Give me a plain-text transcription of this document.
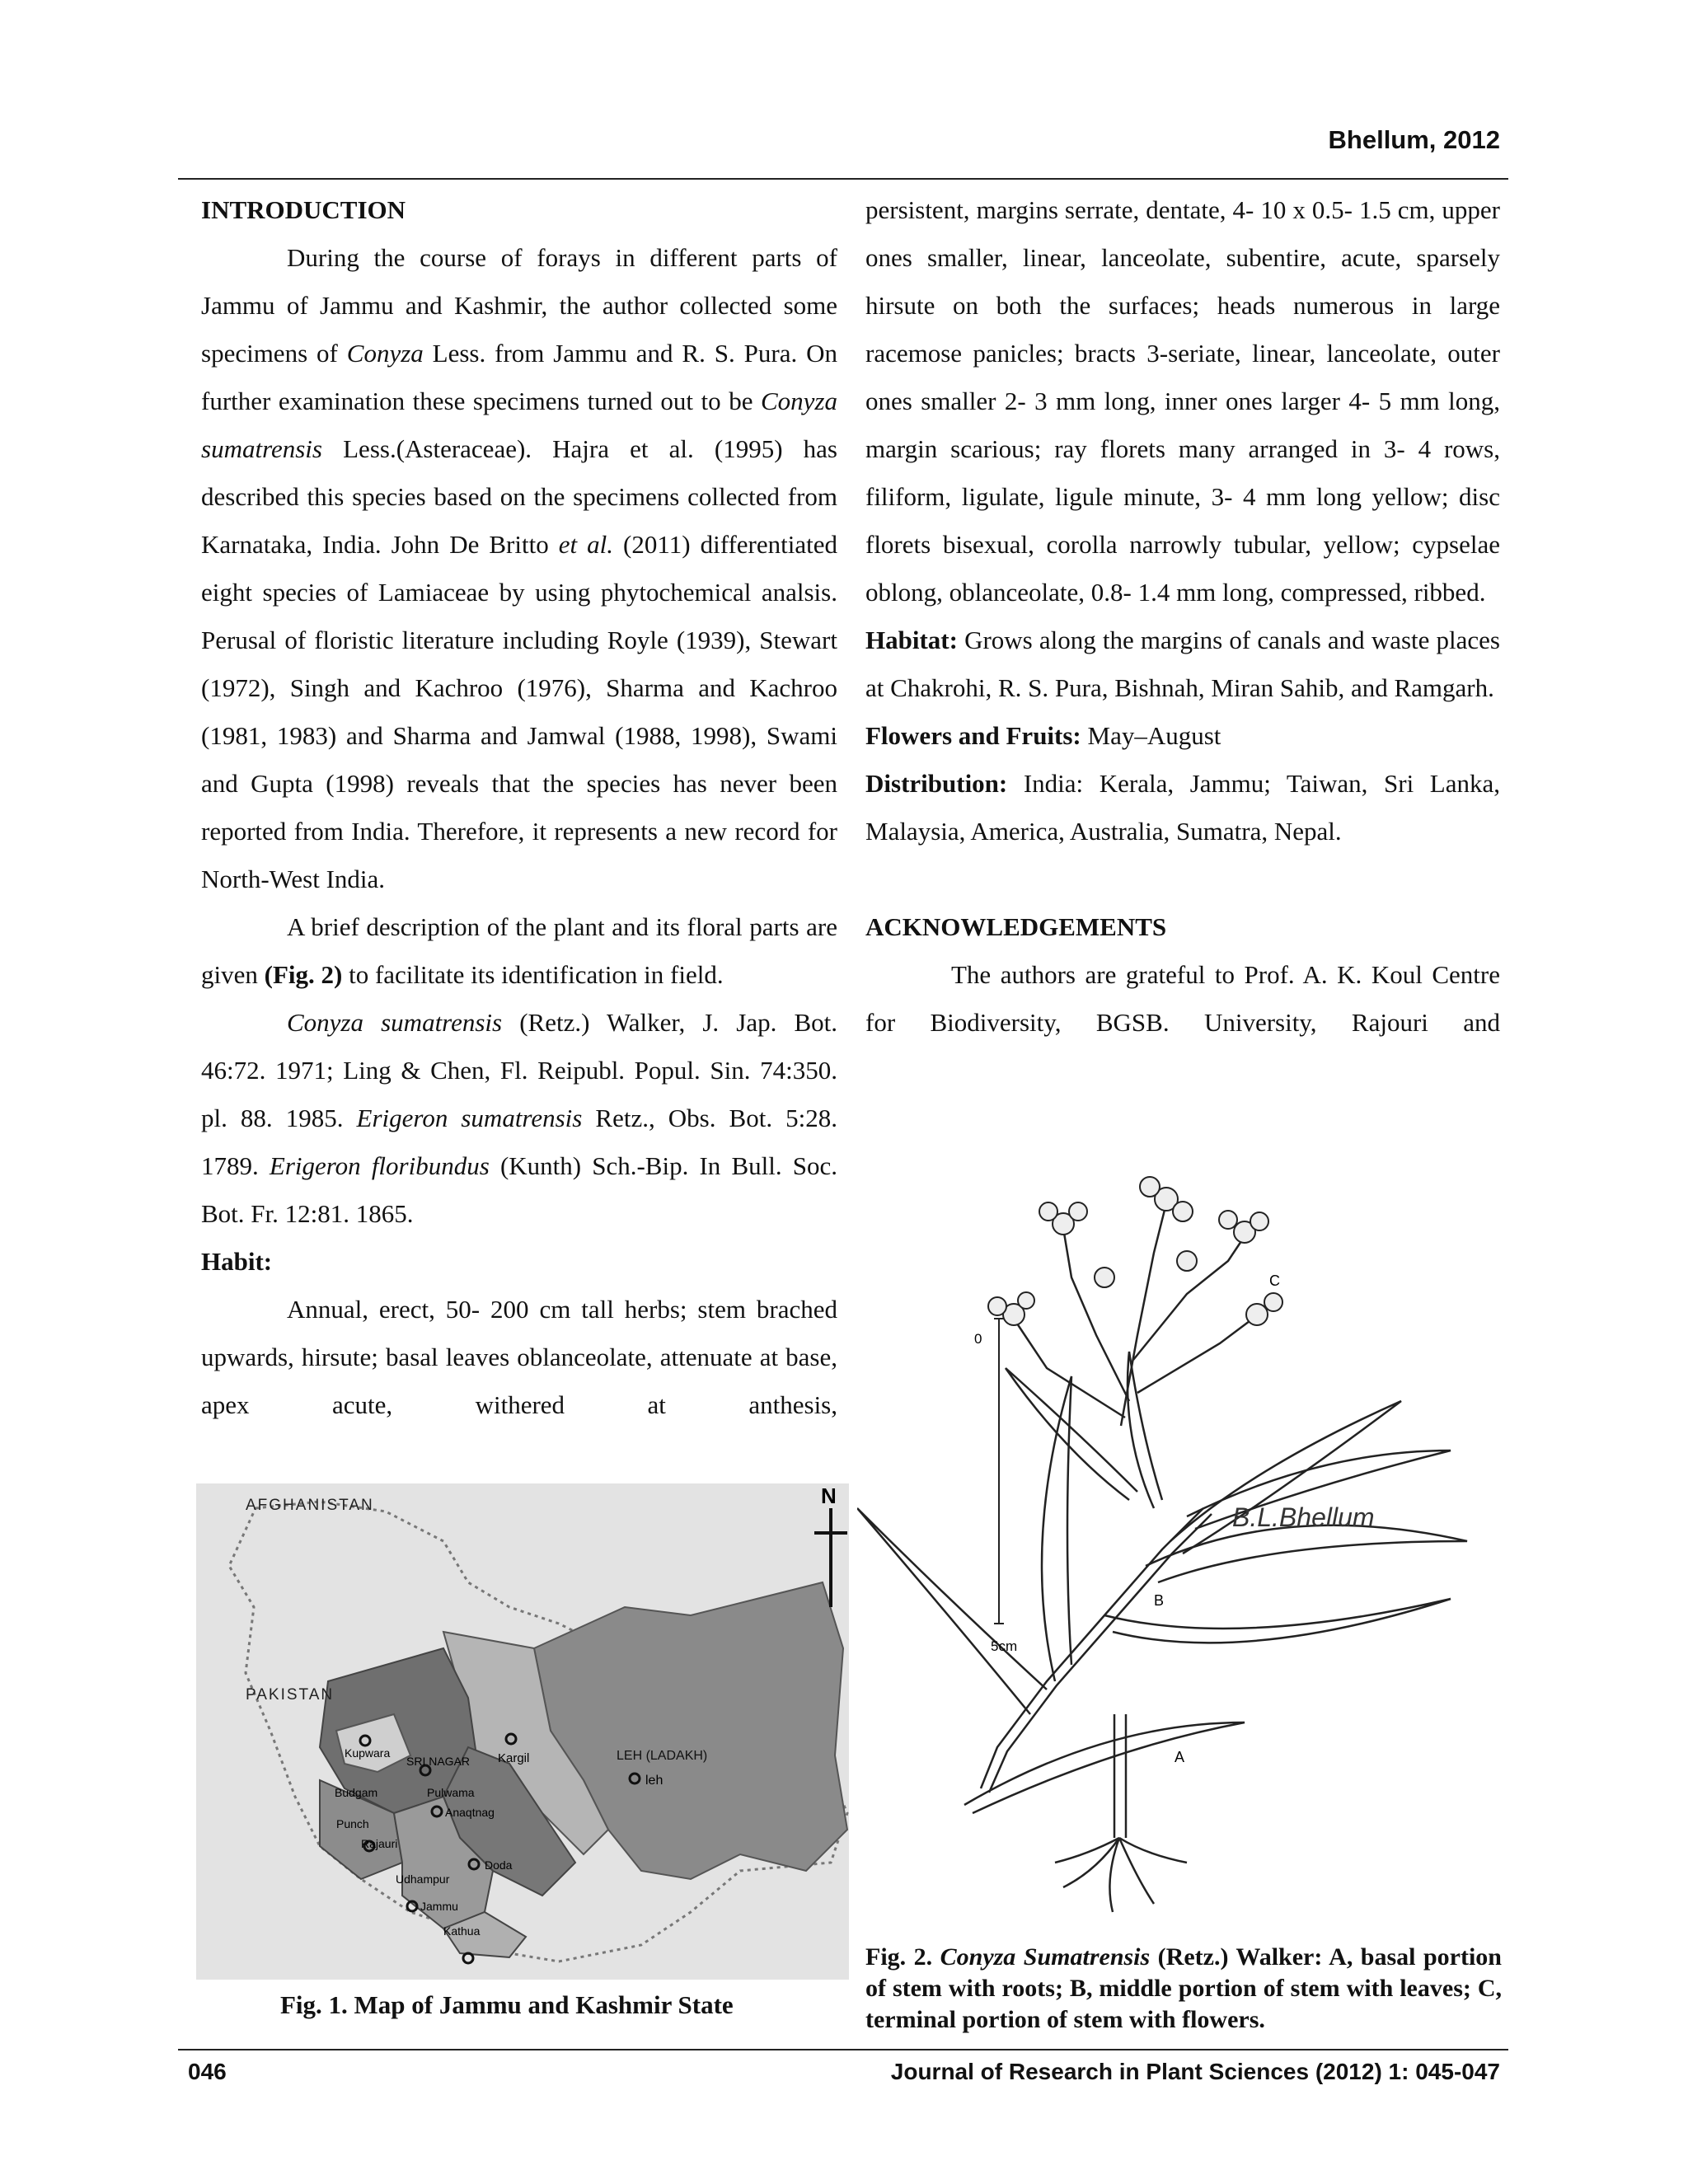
Bhellum, 2012

INTRODUCTION

During the course of forays in different parts of Jammu of Jammu and Kashmir, the author collected some specimens of Conyza Less. from Jammu and R. S. Pura. On further examination these specimens turned out to be Conyza sumatrensis Less.(Asteraceae). Hajra et al. (1995) has described this species based on the specimens collected from Karnataka, India. John De Britto et al. (2011) differentiated eight species of Lamiaceae by using phytochemical analsis. Perusal of floristic literature including Royle (1939), Stewart (1972), Singh and Kachroo (1976), Sharma and Kachroo (1981, 1983) and Sharma and Jamwal (1988, 1998), Swami and Gupta (1998) reveals that the species has never been reported from India. Therefore, it represents a new record for North-West India.

A brief description of the plant and its floral parts are given (Fig. 2) to facilitate its identification in field.

Conyza sumatrensis (Retz.) Walker, J. Jap. Bot. 46:72. 1971; Ling & Chen, Fl. Reipubl. Popul. Sin. 74:350. pl. 88. 1985. Erigeron sumatrensis Retz., Obs. Bot. 5:28. 1789. Erigeron floribundus (Kunth) Sch.-Bip. In Bull. Soc. Bot. Fr. 12:81. 1865.

Habit:

Annual, erect, 50- 200 cm tall herbs; stem brached upwards, hirsute; basal leaves oblanceolate, attenuate at base, apex acute, withered at anthesis,

persistent, margins serrate, dentate, 4- 10 x 0.5- 1.5 cm, upper ones smaller, linear, lanceolate, subentire, acute, sparsely hirsute on both the surfaces; heads numerous in large racemose panicles; bracts 3-seriate, linear, lanceolate, outer ones smaller 2- 3 mm long, inner ones larger 4- 5 mm long, margin scarious; ray florets many arranged in 3- 4 rows, filiform, ligulate, ligule minute, 3- 4 mm long yellow; disc florets bisexual, corolla narrowly tubular, yellow; cypselae oblong, oblanceolate, 0.8- 1.4 mm long, compressed, ribbed.

Habitat: Grows along the margins of canals and waste places at Chakrohi, R. S. Pura, Bishnah, Miran Sahib, and Ramgarh.

Flowers and Fruits: May–August

Distribution: India: Kerala, Jammu; Taiwan, Sri Lanka, Malaysia, America, Australia, Sumatra, Nepal.

ACKNOWLEDGEMENTS

The authors are grateful to Prof. A. K. Koul Centre for Biodiversity, BGSB. University, Rajouri and

N
AFGHANISTAN
PAKISTAN
LEH (LADAKH)
leh
Kargil
Kupwara
SRI NAGAR
Budgam	Pulwama
Punch
Anaqtnag
Rajauri
Doda
Udhampur
Jammu
Kathua
Fig. 1. Map of Jammu and Kashmir State
0
5cm
C
B
A
B.L.Bhellum
Fig. 2. Conyza Sumatrensis (Retz.) Walker: A, basal portion of stem with roots; B, middle portion of stem with leaves; C, terminal portion of stem with flowers.
046	Journal of Research in Plant Sciences (2012) 1: 045-047
